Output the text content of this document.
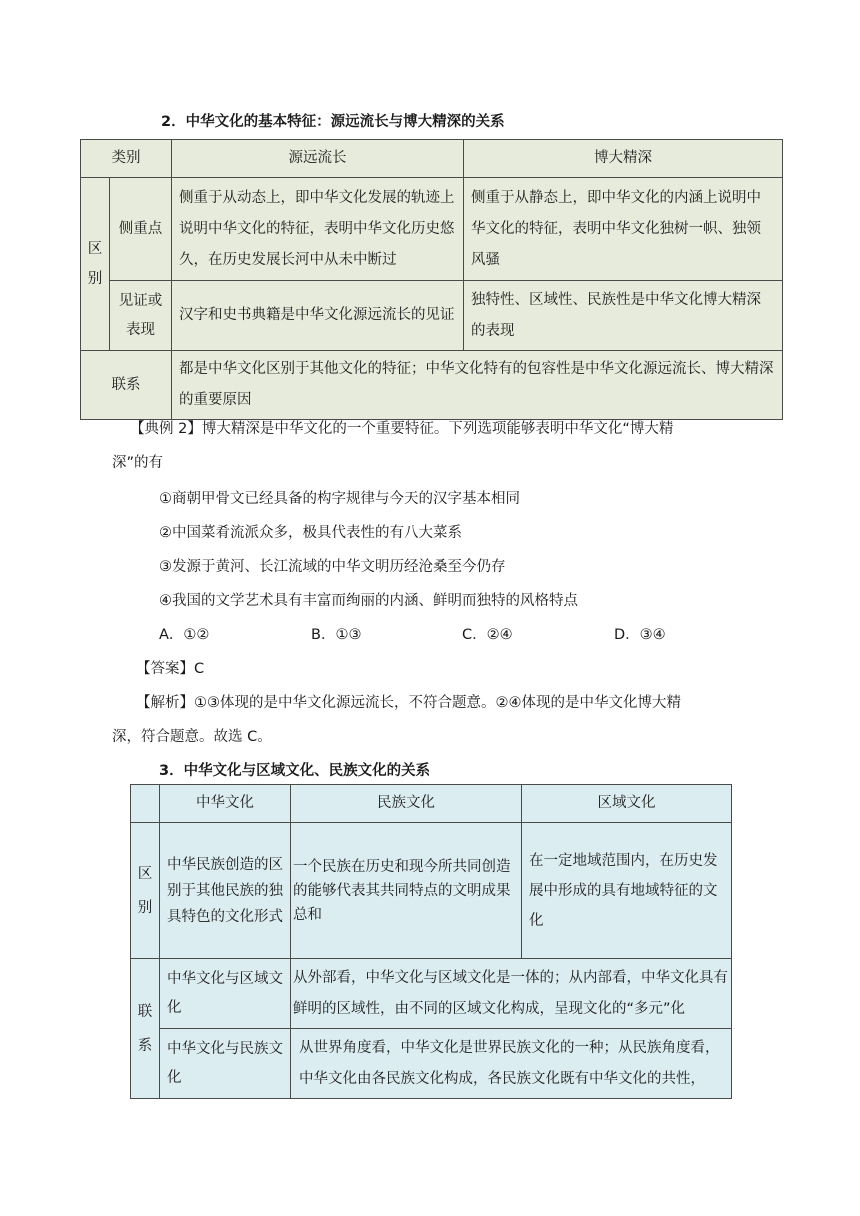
2．中华文化的基本特征：源远流长与博大精深的关系
类别		源远流长	博大精深
区别	侧重点	侧重于从动态上，即中华文化发展的轨迹上说明中华文化的特征，表明中华文化历史悠久，在历史发展长河中从未中断过	侧重于从静态上，即中华文化的内涵上说明中华文化的特征，表明中华文化独树一帜、独领风骚
	见证或表现	汉字和史书典籍是中华文化源远流长的见证	独特性、区域性、民族性是中华文化博大精深的表现
联系		都是中华文化区别于其他文化的特征；中华文化特有的包容性是中华文化源远流长、博大精深的重要原因	
【典例 2】博大精深是中华文化的一个重要特征。下列选项能够表明中华文化“博大精
深”的有
①商朝甲骨文已经具备的构字规律与今天的汉字基本相同
②中国菜肴流派众多，极具代表性的有八大菜系
③发源于黄河、长江流域的中华文明历经沧桑至今仍存
④我国的文学艺术具有丰富而绚丽的内涵、鲜明而独特的风格特点
A．①②	B．①③	C．②④	D．③④
【答案】C
【解析】①③体现的是中华文化源远流长，不符合题意。②④体现的是中华文化博大精
深，符合题意。故选 C。
3．中华文化与区域文化、民族文化的关系
	中华文化	民族文化	区域文化
区别	中华民族创造的区别于其他民族的独具特色的文化形式	一个民族在历史和现今所共同创造的能够代表其共同特点的文明成果总和	在一定地域范围内，在历史发展中形成的具有地域特征的文化
联系	中华文化与区域文化	从外部看，中华文化与区域文化是一体的；从内部看，中华文化具有鲜明的区域性，由不同的区域文化构成，呈现文化的“多元”化	
	中华文化与民族文化	从世界角度看，中华文化是世界民族文化的一种；从民族角度看，中华文化由各民族文化构成，各民族文化既有中华文化的共性，	
